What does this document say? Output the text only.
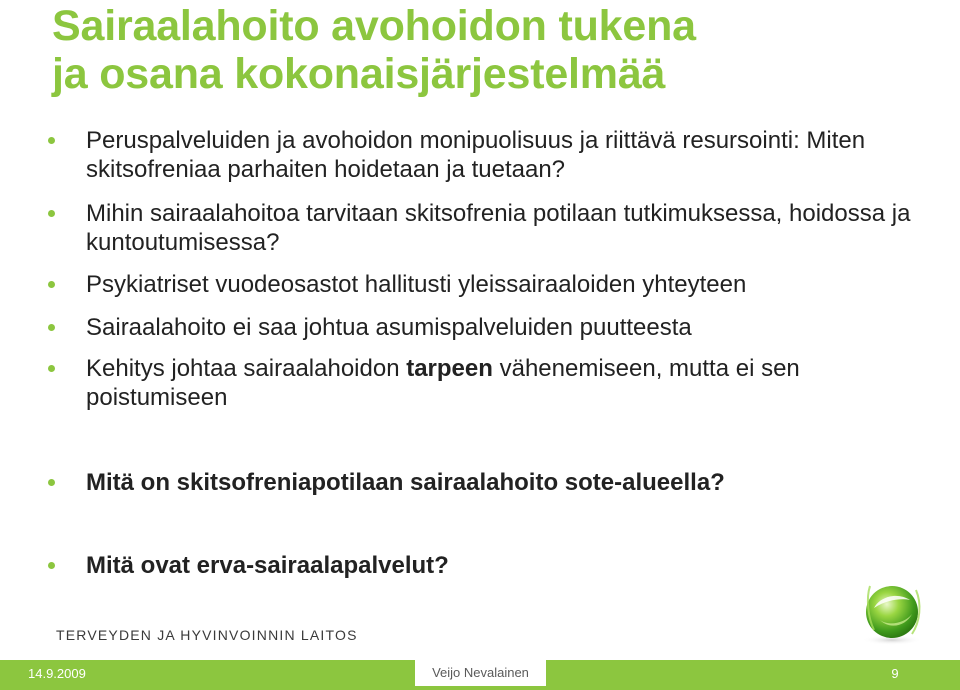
Sairaalahoito avohoidon tukena
ja osana kokonaisjärjestelmää
Peruspalveluiden ja avohoidon monipuolisuus ja riittävä resursointi: Miten skitsofreniaa parhaiten hoidetaan ja tuetaan?
Mihin sairaalahoitoa tarvitaan skitsofrenia potilaan tutkimuksessa, hoidossa ja kuntoutumisessa?
Psykiatriset vuodeosastot hallitusti yleissairaaloiden yhteyteen
Sairaalahoito ei saa johtua asumispalveluiden puutteesta
Kehitys johtaa sairaalahoidon tarpeen vähenemiseen, mutta ei sen poistumiseen
Mitä on skitsofreniapotilaan sairaalahoito sote-alueella?
Mitä ovat erva-sairaalapalvelut?
TERVEYDEN JA HYVINVOINNIN LAITOS
14.9.2009	Veijo Nevalainen	9
